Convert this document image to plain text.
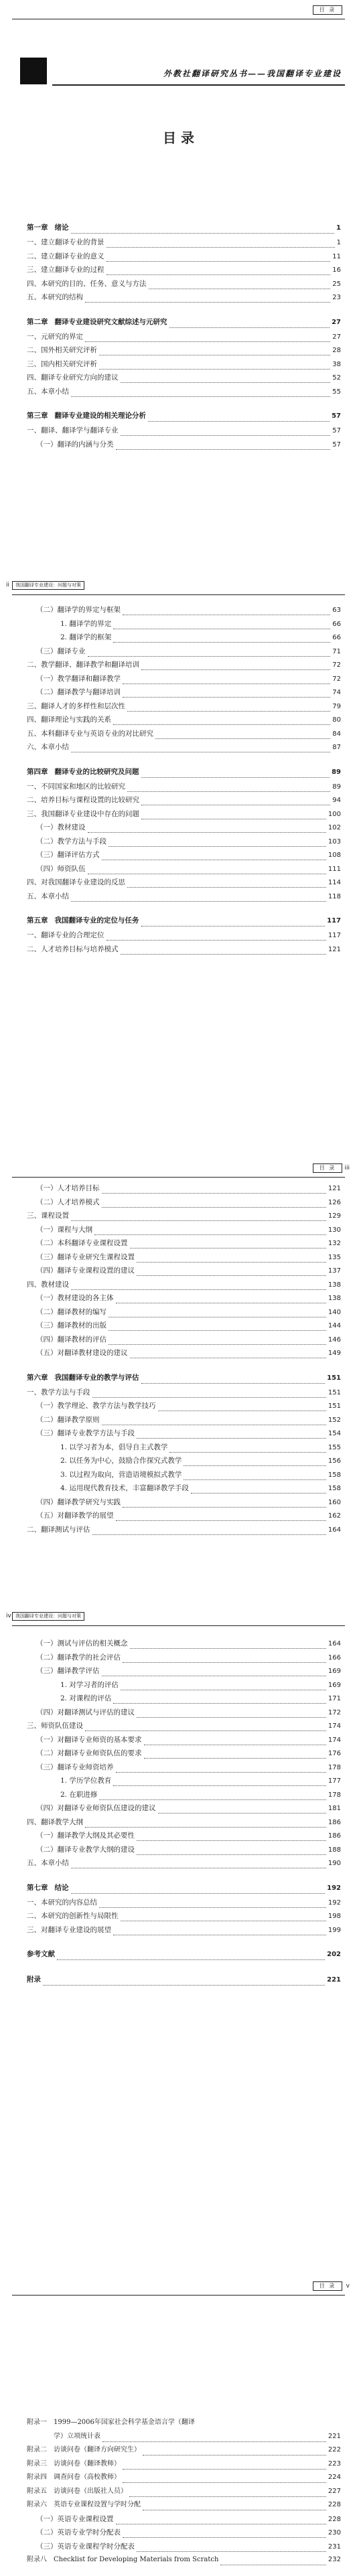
目 录
外教社翻译研究丛书——我国翻译专业建设
目 录
第一章 绪论	1
一、建立翻译专业的背景	1
二、建立翻译专业的意义	11
三、建立翻译专业的过程	16
四、本研究的目的、任务、意义与方法	25
五、本研究的结构	23
第二章 翻译专业建设研究文献综述与元研究	27
一、元研究的界定	27
二、国外相关研究评析	28
三、国内相关研究评析	38
四、翻译专业研究方向的建议	52
五、本章小结	55
第三章 翻译专业建设的相关理论分析	57
一、翻译、翻译学与翻译专业	57
（一）翻译的内涵与分类	57
ii 我国翻译专业建设：问题与对策
（二）翻译学的界定与框架	63
1. 翻译学的界定	66
2. 翻译学的框架	66
（三）翻译专业	71
二、教学翻译、翻译教学和翻译培训	72
（一）教学翻译和翻译教学	72
（二）翻译教学与翻译培训	74
三、翻译人才的多样性和层次性	79
四、翻译理论与实践的关系	80
五、本科翻译专业与英语专业的对比研究	84
六、本章小结	87
第四章 翻译专业的比较研究及问题	89
一、不同国家和地区的比较研究	89
二、培养目标与课程设置的比较研究	94
三、我国翻译专业建设中存在的问题	100
（一）教材建设	102
（二）教学方法与手段	103
（三）翻译评估方式	108
（四）师资队伍	111
四、对我国翻译专业建设的反思	114
五、本章小结	118
第五章 我国翻译专业的定位与任务	117
一、翻译专业的合理定位	117
二、人才培养目标与培养模式	121
目 录 iii
（一）人才培养目标	121
（二）人才培养模式	126
三、课程设置	129
（一）课程与大纲	130
（二）本科翻译专业课程设置	132
（三）翻译专业研究生课程设置	135
（四）翻译专业课程设置的建议	137
四、教材建设	138
（一）教材建设的各主体	138
（二）翻译教材的编写	140
（三）翻译教材的出版	144
（四）翻译教材的评估	146
（五）对翻译教材建设的建议	149
第六章 我国翻译专业的教学与评估	151
一、教学方法与手段	151
（一）教学理论、教学方法与教学技巧	151
（二）翻译教学原则	152
（三）翻译专业教学方法与手段	154
1. 以学习者为本，倡导自主式教学	155
2. 以任务为中心，鼓励合作探究式教学	156
3. 以过程为取向，营造语境模拟式教学	158
4. 运用现代教育技术，丰富翻译教学手段	158
（四）翻译教学研究与实践	160
（五）对翻译教学的展望	162
二、翻译测试与评估	164
iv 我国翻译专业建设：问题与对策
（一）测试与评估的相关概念	164
（二）翻译教学的社会评估	166
（三）翻译教学评估	169
1. 对学习者的评估	169
2. 对课程的评估	171
（四）对翻译测试与评估的建议	172
三、师资队伍建设	174
（一）对翻译专业师资的基本要求	174
（二）对翻译专业师资队伍的要求	176
（三）翻译专业师资培养	178
1. 学历学位教育	177
2. 在职进修	178
（四）对翻译专业师资队伍建设的建议	181
四、翻译教学大纲	186
（一）翻译教学大纲及其必要性	186
（二）翻译专业教学大纲的建设	188
五、本章小结	190
第七章 结论	192
一、本研究的内容总结	192
二、本研究的创新性与局限性	198
三、对翻译专业建设的展望	199
参考文献	202
附录	221
目 录 v
附录一　1999—2006年国家社会科学基金语言学（翻译
　　　　学）立项统计表	221
附录二　访谈问卷（翻译方向研究生）	222
附录三　访谈问卷（翻译教师）	223
附录四　调查问卷（高校教师）	224
附录五　访谈问卷（出版社人员）	227
附录六　英语专业课程设置与学时分配	228
（一）英语专业课程设置	228
（二）英语专业学时分配表	230
（三）英语专业课程学时分配表	231
附录八　Checklist for Developing Materials from Scratch	232
